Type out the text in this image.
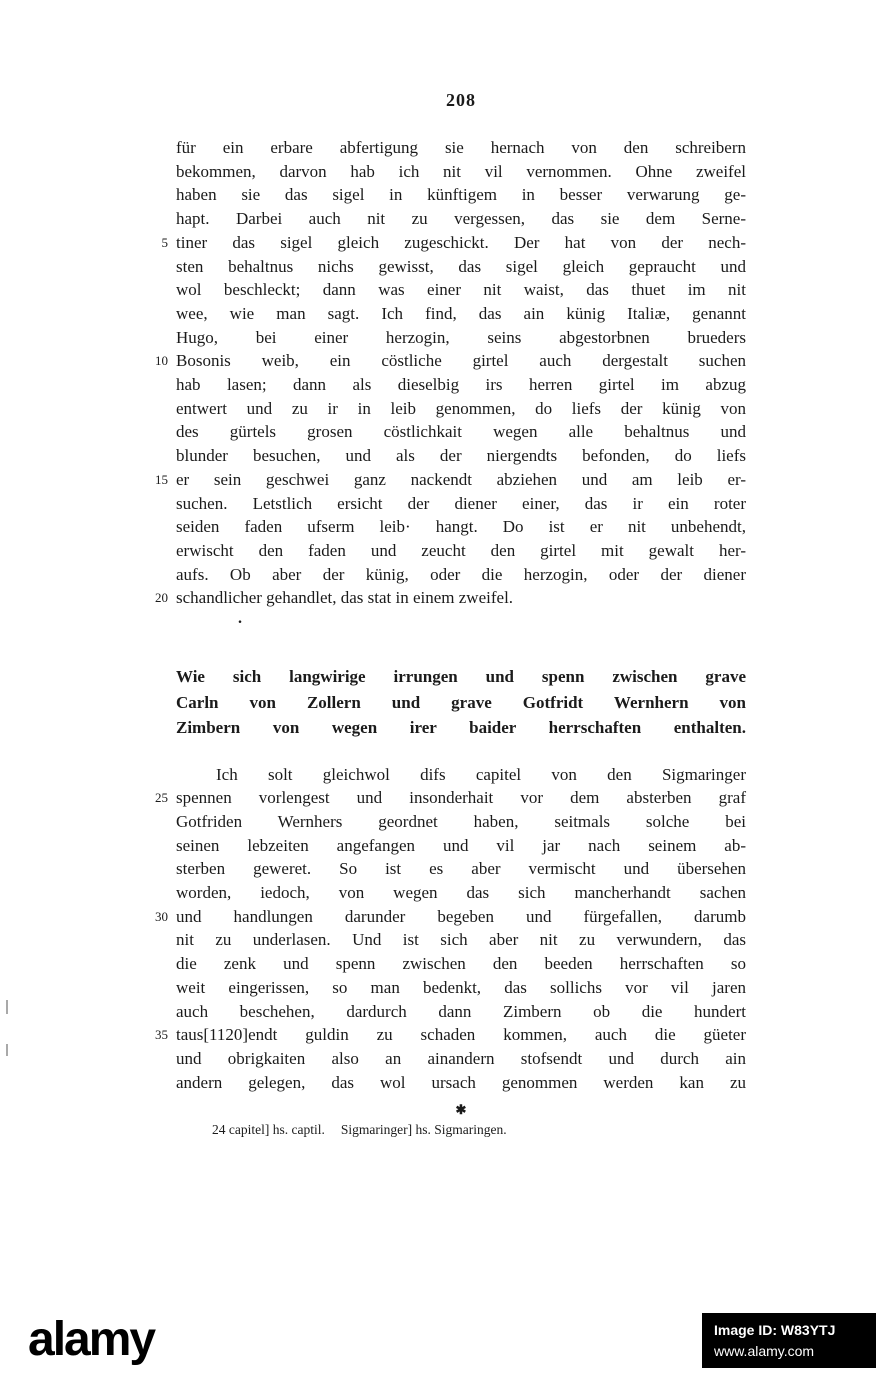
208
für ein erbare abfertigung sie hernach von den schreibern
bekommen, darvon hab ich nit vil vernommen. Ohne zweifel
haben sie das sigel in künftigem in besser verwarung ge-
hapt. Darbei auch nit zu vergessen, das sie dem Serne-
5 tiner das sigel gleich zugeschickt. Der hat von der nech-
sten behaltnus nichs gewisst, das sigel gleich gepraucht und
wol beschleckt; dann was einer nit waist, das thuet im nit
wee, wie man sagt. Ich find, das ain künig Italiæ, genannt
Hugo, bei einer herzogin, seins abgestorbnen brueders
10 Bosonis weib, ein cöstliche girtel auch dergestalt suchen
hab lasen; dann als dieselbig irs herren girtel im abzug
entwert und zu ir in leib genommen, do liefs der künig von
des gürtels grosen cöstlichkait wegen alle behaltnus und
blunder besuchen, und als der niergendts befonden, do liefs
15 er sein geschwei ganz nackendt abziehen und am leib er-
suchen. Letstlich ersicht der diener einer, das ir ein roter
seiden faden ufserm leib· hangt. Do ist er nit unbehendt,
erwischt den faden und zeucht den girtel mit gewalt her-
aufs. Ob aber der künig, oder die herzogin, oder der diener
20 schandlicher gehandlet, das stat in einem zweifel.
.
Wie sich langwirige irrungen und spenn zwischen grave
Carln von Zollern und grave Gotfridt Wernhern von
Zimbern von wegen irer baider herrschaften enthalten.
Ich solt gleichwol difs capitel von den Sigmaringer
25 spennen vorlengest und insonderhait vor dem absterben graf
Gotfriden Wernhers geordnet haben, seitmals solche bei
seinen lebzeiten angefangen und vil jar nach seinem ab-
sterben geweret. So ist es aber vermischt und übersehen
worden, iedoch, von wegen das sich mancherhandt sachen
30 und handlungen darunder begeben und fürgefallen, darumb
nit zu underlasen. Und ist sich aber nit zu verwundern, das
die zenk und spenn zwischen den beeden herrschaften so
weit eingerissen, so man bedenkt, das sollichs vor vil jaren
auch beschehen, dardurch dann Zimbern ob die hundert
35 taus[1120]endt guldin zu schaden kommen, auch die güeter
und obrigkaiten also an ainandern stofsendt und durch ain
andern gelegen, das wol ursach genommen werden kan zu
✱
24 capitel] hs. captil. Sigmaringer] hs. Sigmaringen.
alamy	Image ID: W83YTJ
www.alamy.com
